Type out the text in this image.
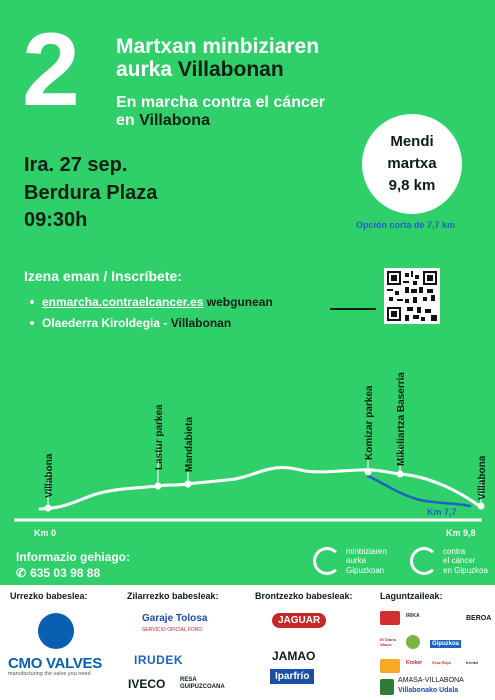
2 Martxan minbiziaren
aurka Villabonan
En marcha contra el cáncer
en Villabona
Ira. 27 sep.
Berdura Plaza
09:30h
Mendi
martxa
9,8 km
Opción corta de 7,7 km
Izena eman / Inscríbete:
enmarcha.contraelcancer.es webgunean
Olaederra Kiroldegia - Villabonan
Villabona
Lastur parkea Mandabieta	Komizar parkea Mikeliartza Baserria
Villabona
Km 7,7
Km 0	Km 9,8
Informazio gehiago:
✆ 635 03 98 88
minbiziaren
aurka
Gipuzkoan
contra
el cáncer
en Gipuzkoa
Urrezko babeslea:	Zilarrezko babesleak:	Brontzezko babesleak:	Laguntzaileak:
CMO VALVES
manufacturing the valve you need
Garaje Tolosa
SERVICIO OFICIAL FORD
IRUDEK
IVECO RESA GUIPUZCOANA
JAGUAR
JAMAO
Iparfrío
IRIKA	BEROA
Gipuzkoa
El Diario Vasco
Kroker Cruz Roja	Irrintzi
AMASA-VILLABONA
Villabonako Udala
